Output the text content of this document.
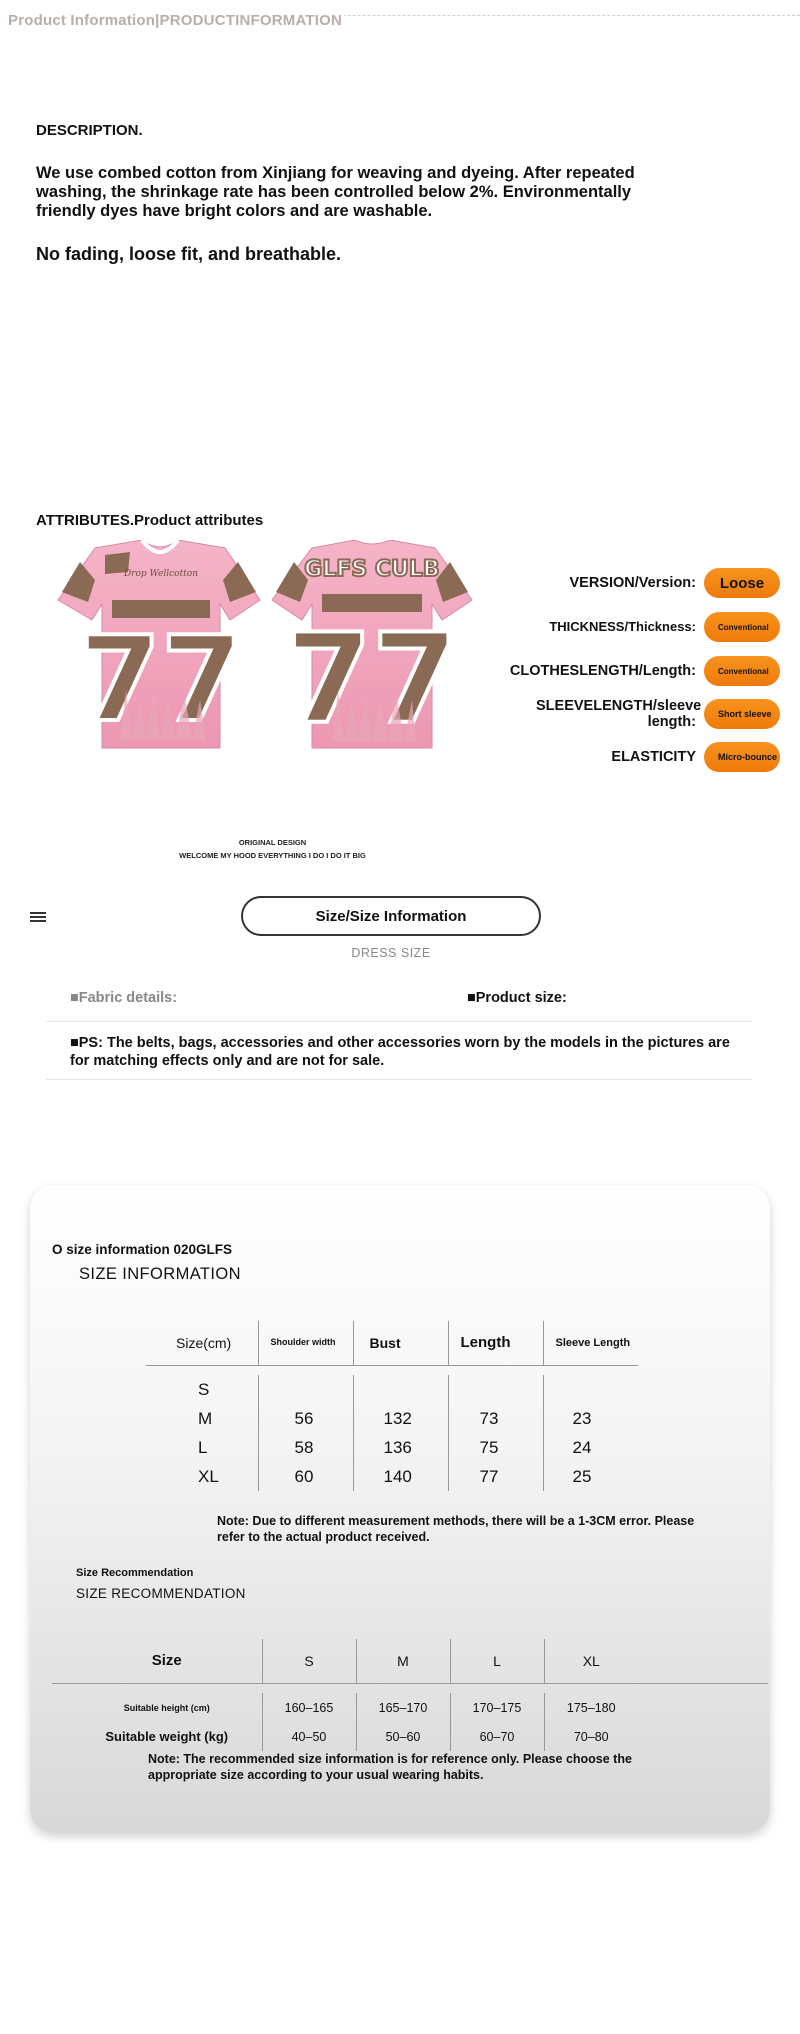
Product Information|PRODUCTINFORMATION
DESCRIPTION.
We use combed cotton from Xinjiang for weaving and dyeing. After repeated washing, the shrinkage rate has been controlled below 2%. Environmentally friendly dyes have bright colors and are washable.
No fading, loose fit, and breathable.
ATTRIBUTES.Product attributes
77
Drop Wellcotton	GLFS CULB
77
ORIGINAL DESIGN
WELCOME MY HOOD EVERYTHING I DO I DO IT BIG
VERSION/Version:	Loose
THICKNESS/Thickness:	Conventional
CLOTHESLENGTH/Length:	Conventional
SLEEVELENGTH/sleeve length:	Short sleeve
ELASTICITY	Micro-bounce
Size/Size Information
DRESS SIZE
■Fabric details:	■Product size:
■PS: The belts, bags, accessories and other accessories worn by the models in the pictures are for matching effects only and are not for sale.
O size information 020GLFS
SIZE INFORMATION
Size(cm)	Shoulder width	Bust	Length	Sleeve Length

S				
M	56	132	73	23
L	58	136	75	24
XL	60	140	77	25
Note: Due to different measurement methods, there will be a 1-3CM error. Please refer to the actual product received.
Size Recommendation
SIZE RECOMMENDATION
Size	S	M	L	XL	

Suitable height (cm)	160–165	165–170	170–175	175–180	
Suitable weight (kg)	40–50	50–60	60–70	70–80	
Note: The recommended size information is for reference only. Please choose the appropriate size according to your usual wearing habits.
